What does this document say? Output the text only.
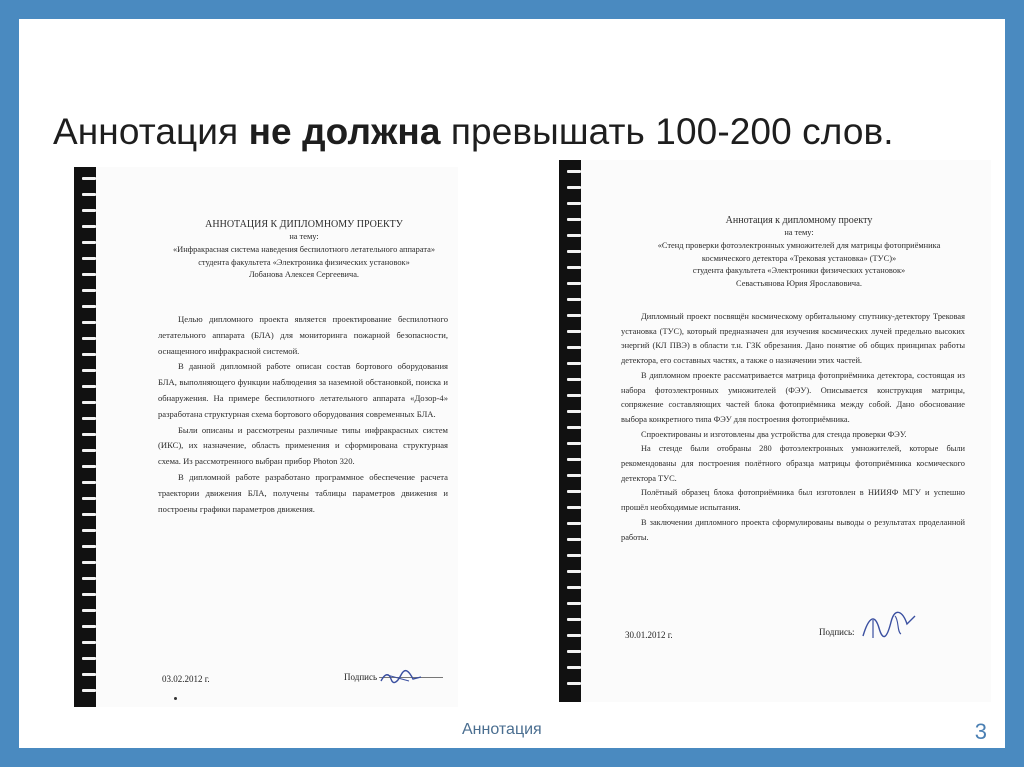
Аннотация не должна превышать 100-200 слов.
АННОТАЦИЯ К ДИПЛОМНОМУ ПРОЕКТУ
на тему:
«Инфракрасная система наведения беспилотного летательного аппарата»
студента факультета «Электроника физических установок»
Лобанова Алексея Сергеевича.

Целью дипломного проекта является проектирование беспилотного летательного аппарата (БЛА) для мониторинга пожарной безопасности, оснащенного инфракрасной системой.

В данной дипломной работе описан состав бортового оборудования БЛА, выполняющего функции наблюдения за наземной обстановкой, поиска и обнаружения. На примере беспилотного летательного аппарата «Дозор-4» разработана структурная схема бортового оборудования современных БЛА.

Были описаны и рассмотрены различные типы инфракрасных систем (ИКС), их назначение, область применения и сформирована структурная схема. Из рассмотренного выбран прибор Photon 320.

В дипломной работе разработано программное обеспечение расчета траектории движения БЛА, получены таблицы параметров движения и построены графики параметров движения.

03.02.2012 г.	Подпись
Аннотация к дипломному проекту
на тему:
«Стенд проверки фотоэлектронных умножителей для матрицы фотоприёмника
космического детектора «Трековая установка» (ТУС)»
студента факультета «Электроники физических установок»
Севастьянова Юрия Ярославовича.

Дипломный проект посвящён космическому орбитальному спутнику-детектору Трековая установка (ТУС), который предназначен для изучения космических лучей предельно высоких энергий (КЛ ПВЭ) в области т.н. ГЗК обрезания. Дано понятие об общих принципах работы детектора, его составных частях, а также о назначении этих частей.

В дипломном проекте рассматривается матрица фотоприёмника детектора, состоящая из набора фотоэлектронных умножителей (ФЭУ). Описывается конструкция матрицы, сопряжение составляющих частей блока фотоприёмника между собой. Дано обоснование выбора конкретного типа ФЭУ для построения фотоприёмника.

Спроектированы и изготовлены два устройства для стенда проверки ФЭУ.

На стенде были отобраны 280 фотоэлектронных умножителей, которые были рекомендованы для построения полётного образца матрицы фотоприёмника космического детектора ТУС.

Полётный образец блока фотоприёмника был изготовлен в НИИЯФ МГУ и успешно прошёл необходимые испытания.

В заключении дипломного проекта сформулированы выводы о результатах проделанной работы.

30.01.2012 г.	Подпись:
Аннотация	3
